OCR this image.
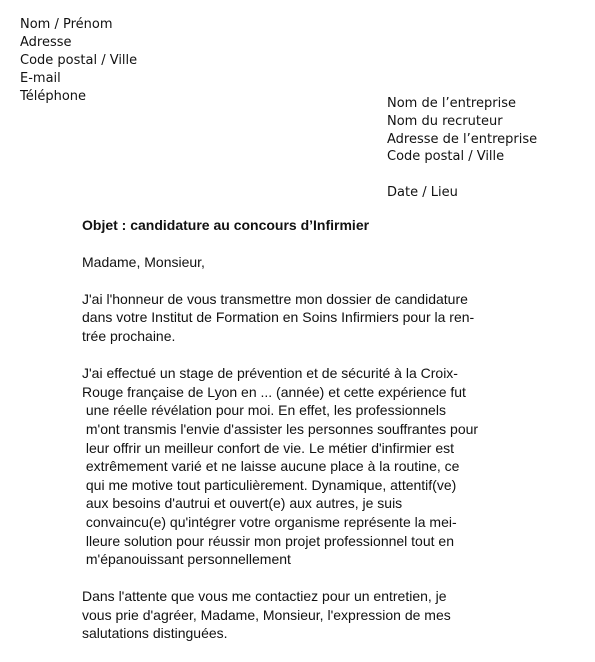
Nom / Prénom
Adresse
Code postal / Ville
E-mail
Téléphone	Nom de l’entreprise
Nom du recruteur
Adresse de l’entreprise
Code postal / Ville
Date / Lieu
Objet : candidature au concours d’Infirmier
Madame, Monsieur,
J'ai l'honneur de vous transmettre mon dossier de candidature
dans votre Institut de Formation en Soins Infirmiers pour la ren-
trée prochaine.
J'ai effectué un stage de prévention et de sécurité à la Croix-
Rouge française de Lyon en ... (année) et cette expérience fut
une réelle révélation pour moi. En effet, les professionnels
m'ont transmis l'envie d'assister les personnes souffrantes pour
leur offrir un meilleur confort de vie. Le métier d'infirmier est
extrêmement varié et ne laisse aucune place à la routine, ce
qui me motive tout particulièrement. Dynamique, attentif(ve)
aux besoins d'autrui et ouvert(e) aux autres, je suis
convaincu(e) qu'intégrer votre organisme représente la mei-
lleure solution pour réussir mon projet professionnel tout en
m'épanouissant personnellement
Dans l'attente que vous me contactiez pour un entretien, je
vous prie d'agréer, Madame, Monsieur, l'expression de mes
salutations distinguées.
